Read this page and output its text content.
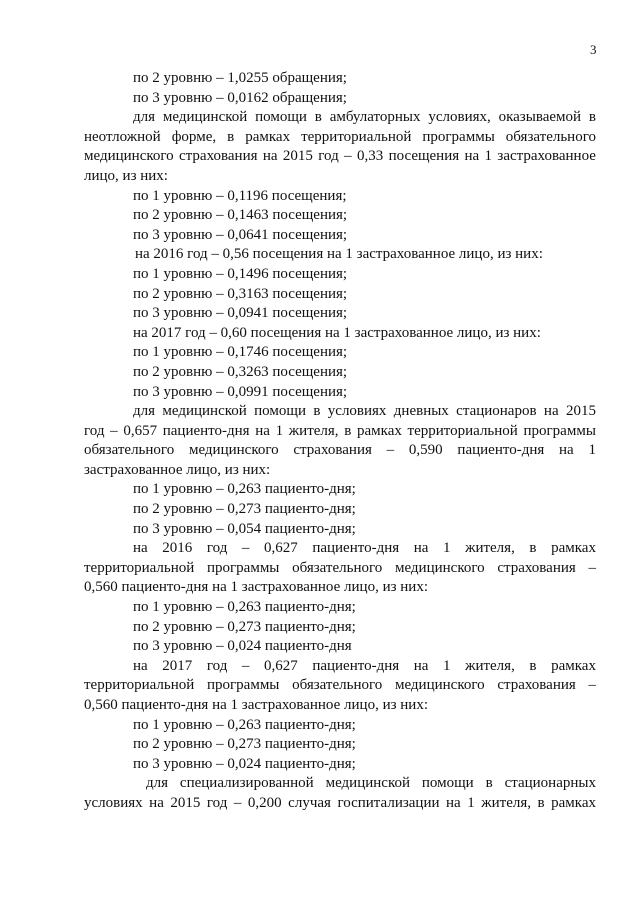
3
по 2 уровню – 1,0255 обращения;
по 3 уровню – 0,0162 обращения;
для медицинской помощи в амбулаторных условиях, оказываемой в
неотложной форме, в рамках территориальной программы обязательного
медицинского страхования на 2015 год – 0,33 посещения на 1 застрахованное
лицо, из них:
по 1 уровню – 0,1196 посещения;
по 2 уровню – 0,1463 посещения;
по 3 уровню – 0,0641 посещения;
на 2016 год – 0,56 посещения на 1 застрахованное лицо, из них:
по 1 уровню – 0,1496 посещения;
по 2 уровню – 0,3163 посещения;
по 3 уровню – 0,0941 посещения;
на 2017 год – 0,60 посещения на 1 застрахованное лицо, из них:
по 1 уровню – 0,1746 посещения;
по 2 уровню – 0,3263 посещения;
по 3 уровню – 0,0991 посещения;
для медицинской помощи в условиях дневных стационаров на 2015
год – 0,657 пациенто-дня на 1 жителя, в рамках территориальной программы
обязательного медицинского страхования – 0,590 пациенто-дня на 1
застрахованное лицо, из них:
по 1 уровню – 0,263 пациенто-дня;
по 2 уровню – 0,273 пациенто-дня;
по 3 уровню – 0,054 пациенто-дня;
на 2016 год – 0,627 пациенто-дня на 1 жителя, в рамках
территориальной программы обязательного медицинского страхования –
0,560 пациенто-дня на 1 застрахованное лицо, из них:
по 1 уровню – 0,263 пациенто-дня;
по 2 уровню – 0,273 пациенто-дня;
по 3 уровню – 0,024 пациенто-дня
на 2017 год – 0,627 пациенто-дня на 1 жителя, в рамках
территориальной программы обязательного медицинского страхования –
0,560 пациенто-дня на 1 застрахованное лицо, из них:
по 1 уровню – 0,263 пациенто-дня;
по 2 уровню – 0,273 пациенто-дня;
по 3 уровню – 0,024 пациенто-дня;
для специализированной медицинской помощи в стационарных
условиях на 2015 год – 0,200 случая госпитализации на 1 жителя, в рамках
